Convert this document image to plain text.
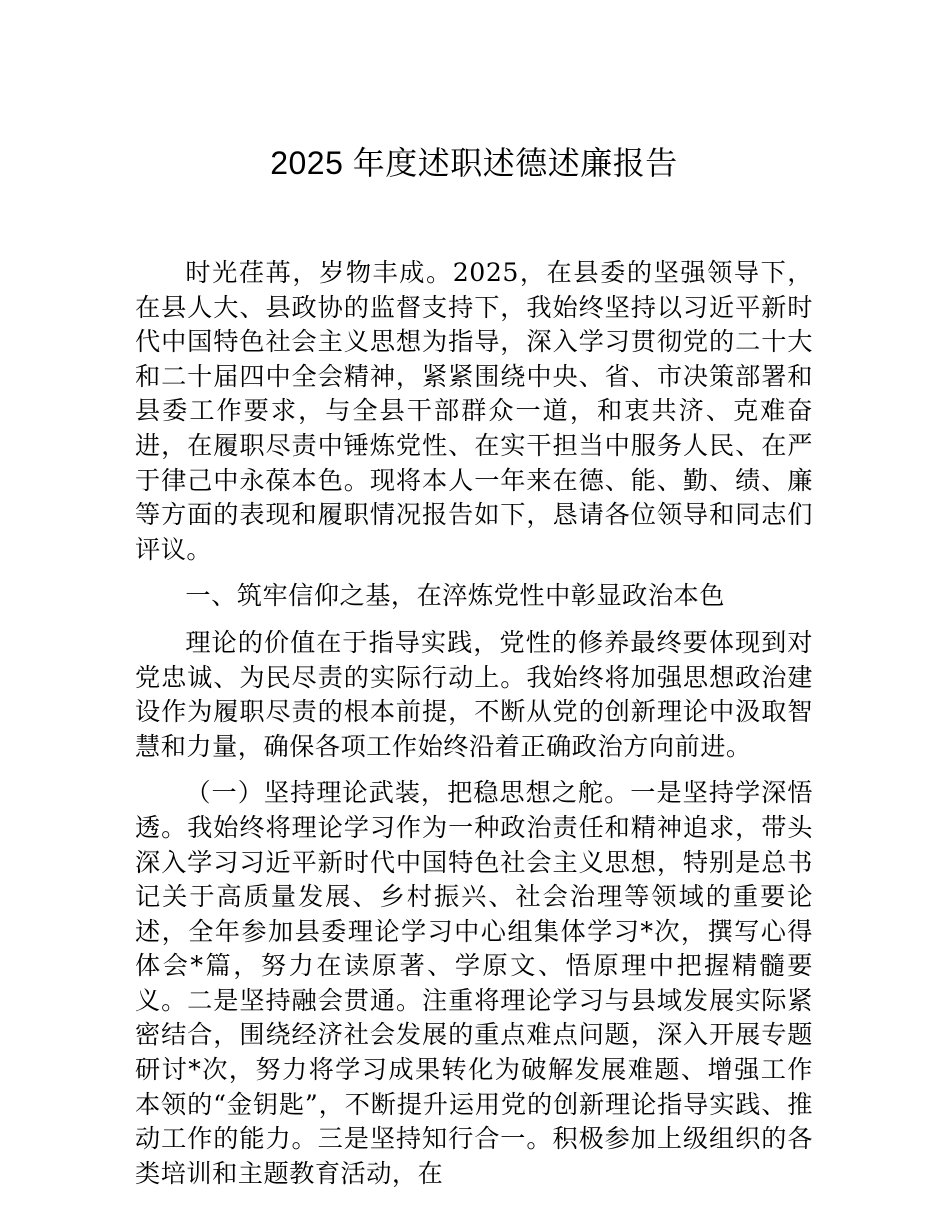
2025 年度述职述德述廉报告

时光荏苒，岁物丰成。2025，在县委的坚强领导下，在县人大、县政协的监督支持下，我始终坚持以习近平新时代中国特色社会主义思想为指导，深入学习贯彻党的二十大和二十届四中全会精神，紧紧围绕中央、省、市决策部署和县委工作要求，与全县干部群众一道，和衷共济、克难奋进，在履职尽责中锤炼党性、在实干担当中服务人民、在严于律己中永葆本色。现将本人一年来在德、能、勤、绩、廉等方面的表现和履职情况报告如下，恳请各位领导和同志们评议。

一、筑牢信仰之基，在淬炼党性中彰显政治本色

理论的价值在于指导实践，党性的修养最终要体现到对党忠诚、为民尽责的实际行动上。我始终将加强思想政治建设作为履职尽责的根本前提，不断从党的创新理论中汲取智慧和力量，确保各项工作始终沿着正确政治方向前进。

（一）坚持理论武装，把稳思想之舵。一是坚持学深悟透。我始终将理论学习作为一种政治责任和精神追求，带头深入学习习近平新时代中国特色社会主义思想，特别是总书记关于高质量发展、乡村振兴、社会治理等领域的重要论述，全年参加县委理论学习中心组集体学习*次，撰写心得体会*篇，努力在读原著、学原文、悟原理中把握精髓要义。二是坚持融会贯通。注重将理论学习与县域发展实际紧密结合，围绕经济社会发展的重点难点问题，深入开展专题研讨*次，努力将学习成果转化为破解发展难题、增强工作本领的“金钥匙”，不断提升运用党的创新理论指导实践、推动工作的能力。三是坚持知行合一。积极参加上级组织的各类培训和主题教育活动，在
